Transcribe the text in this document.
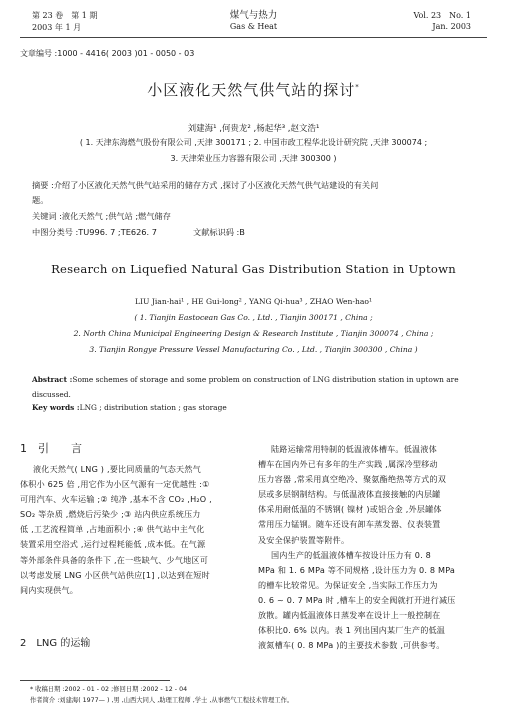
第 23 卷　第 1 期
2003 年 1 月
煤气与热力
Gas & Heat
Vol. 23　No. 1
Jan. 2003
文章编号 :1000 - 4416( 2003 )01 - 0050 - 03
小区液化天然气供气站的探讨*
刘建海¹ ,何贵龙² ,杨起华³ ,赵文浩¹
( 1. 天津东海燃气股份有限公司 ,天津 300171 ; 2. 中国市政工程华北设计研究院 ,天津 300074 ;
3. 天津荣业压力容器有限公司 ,天津 300300 )
摘要 :介绍了小区液化天然气供气站采用的储存方式 ,探讨了小区液化天然气供气站建设的有关问
题。
关键词 :液化天然气 ;供气站 ;燃气储存
中图分类号 :TU996. 7 ;TE626. 7	文献标识码 :B
Research on Liquefied Natural Gas Distribution Station in Uptown
LIU Jian-hai¹ , HE Gui-long² , YANG Qi-hua³ , ZHAO Wen-hao¹
( 1. Tianjin Eastocean Gas Co. , Ltd. , Tianjin 300171 , China ;
2. North China Municipal Engineering Design & Research Institute , Tianjin 300074 , China ;
3. Tianjin Rongye Pressure Vessel Manufacturing Co. , Ltd. , Tianjin 300300 , China )
Abstract :Some schemes of storage and some problem on construction of LNG distribution station in uptown are
discussed.
Key words :LNG ; distribution station ; gas storage
1　引　　言

液化天然气( LNG ) ,要比同质量的气态天然气

体积小 625 倍 ,用它作为小区气源有一定优越性 :①

可用汽车、火车运输 ;② 纯净 ,基本不含 CO₂ ,H₂O ,

SO₂ 等杂质 ,燃烧后污染少 ;③ 站内供应系统压力

低 ,工艺流程简单 ,占地面积小 ;④ 供气站中主气化

装置采用空浴式 ,运行过程耗能低 ,成本低。在气源

等外部条件具备的条件下 ,在一些缺气、少气地区可

以考虑发展 LNG 小区供气站供应[1] ,以达到在短时

间内实现供气。

2　LNG 的运输

陆路运输常用特制的低温液体槽车。低温液体

槽车在国内外已有多年的生产实践 ,属深冷型移动

压力容器 ,常采用真空绝冷、聚氨酯绝热等方式的双

层或多层钢制结构。与低温液体直接接触的内层罐

体采用耐低温的不锈钢( 镍材 )或铝合金 ,外层罐体

常用压力锰钢。随车还设有卸车蒸发器、仪表装置

及安全保护装置等附件。

国内生产的低温液体槽车按设计压力有 0. 8

MPa 和 1. 6 MPa 等不同规格 ,设计压力为 0. 8 MPa

的槽车比较常见。为保证安全 ,当实际工作压力为

0. 6 ~ 0. 7 MPa 时 ,槽车上的安全阀就打开进行减压

放散。罐内低温液体日蒸发率在设计上一般控制在

体积比0. 6% 以内。表 1 列出国内某厂生产的低温

液氮槽车( 0. 8 MPa )的主要技术参数 ,可供参考。

* 收稿日期 :2002 - 01 - 02 ;修回日期 :2002 - 12 - 04
作者简介 :刘建海( 1977— ) ,男 ,山西大同人 ,助理工程师 ,学士 ,从事燃气工程技术管理工作。
